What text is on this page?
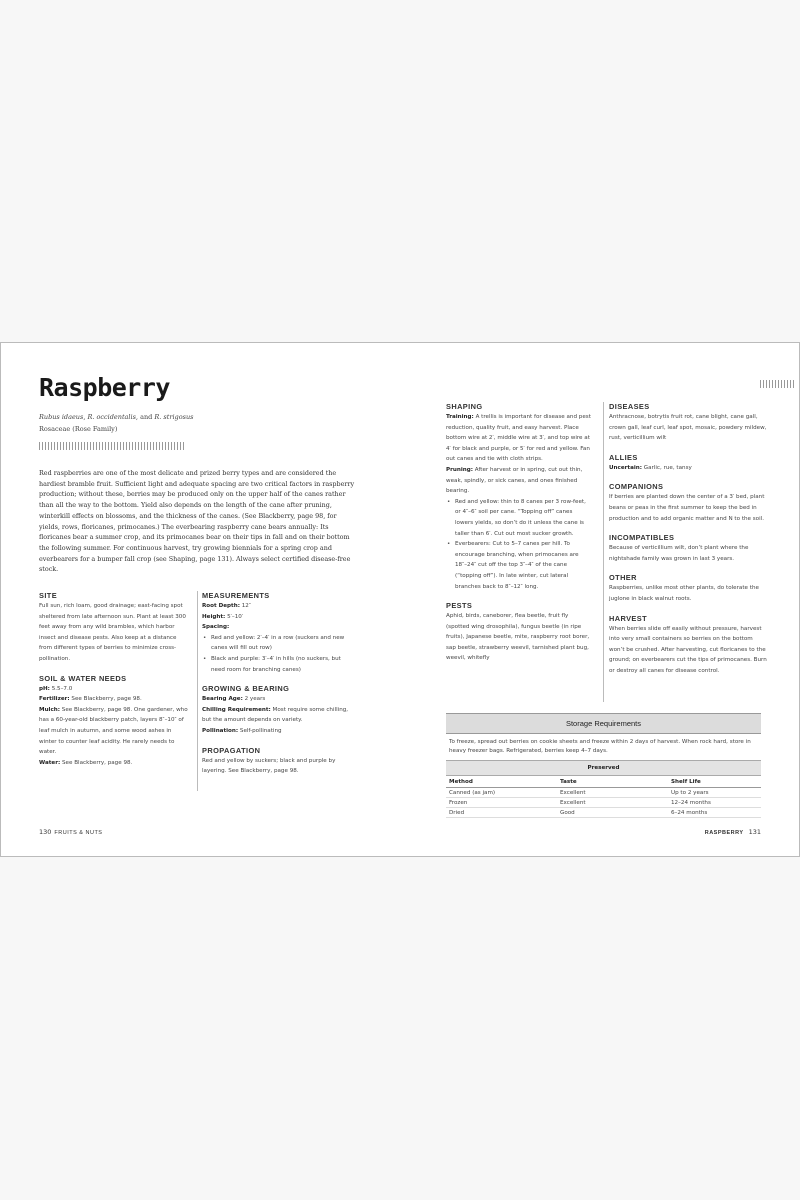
Raspberry
Rubus idaeus, R. occidentalis, and R. strigosus
Rosaceae (Rose Family)

Red raspberries are one of the most delicate and prized berry types and are considered the hardiest bramble fruit. Sufficient light and adequate spacing are two critical factors in raspberry production; without these, berries may be produced only on the upper half of the canes rather than all the way to the bottom. Yield also depends on the length of the cane after pruning, winterkill effects on blossoms, and the thickness of the canes. (See Blackberry, page 98, for yields, rows, floricanes, primocanes.) The everbearing raspberry cane bears annually: Its floricanes bear a summer crop, and its primocanes bear on their tips in fall and on their bottom the following summer. For continuous harvest, try growing biennials for a spring crop and everbearers for a bumper fall crop (see Shaping, page 131). Always select certified disease-free stock.

SITE

Full sun, rich loam, good drainage; east-facing spot sheltered from late afternoon sun. Plant at least 300 feet away from any wild brambles, which harbor insect and disease pests. Also keep at a distance from different types of berries to minimize cross-pollination.

SOIL & WATER NEEDS

pH: 5.5–7.0

Fertilizer: See Blackberry, page 98.

Mulch: See Blackberry, page 98. One gardener, who has a 60-year-old blackberry patch, layers 8″–10″ of leaf mulch in autumn, and some wood ashes in winter to counter leaf acidity. He rarely needs to water.

Water: See Blackberry, page 98.

MEASUREMENTS

Root Depth: 12″

Height: 5′–10′

Spacing:

• Red and yellow: 2′–4′ in a row (suckers and new canes will fill out row)
• Black and purple: 3′–4′ in hills (no suckers, but need room for branching canes)
GROWING & BEARING

Bearing Age: 2 years

Chilling Requirement: Most require some chilling, but the amount depends on variety.

Pollination: Self-pollinating

PROPAGATION

Red and yellow by suckers; black and purple by layering. See Blackberry, page 98.

130 FRUITS & NUTS
SHAPING

Training: A trellis is important for disease and pest reduction, quality fruit, and easy harvest. Place bottom wire at 2′, middle wire at 3′, and top wire at 4′ for black and purple, or 5′ for red and yellow. Fan out canes and tie with cloth strips.

Pruning: After harvest or in spring, cut out thin, weak, spindly, or sick canes, and ones finished bearing.

• Red and yellow: thin to 8 canes per 3 row-feet, or 4″–6″ soil per cane. “Topping off” canes lowers yields, so don’t do it unless the cane is taller than 6′. Cut out most sucker growth.
• Everbearers: Cut to 5–7 canes per hill. To encourage branching, when primocanes are 18″–24″ cut off the top 3″–4″ of the cane (“topping off”). In late winter, cut lateral branches back to 8″–12″ long.
PESTS

Aphid, birds, caneborer, flea beetle, fruit fly (spotted wing drosophila), fungus beetle (in ripe fruits), Japanese beetle, mite, raspberry root borer, sap beetle, strawberry weevil, tarnished plant bug, weevil, whitefly

DISEASES

Anthracnose, botrytis fruit rot, cane blight, cane gall, crown gall, leaf curl, leaf spot, mosaic, powdery mildew, rust, verticillium wilt

ALLIES

Uncertain: Garlic, rue, tansy

COMPANIONS

If berries are planted down the center of a 3′ bed, plant beans or peas in the first summer to keep the bed in production and to add organic matter and N to the soil.

INCOMPATIBLES

Because of verticillium wilt, don’t plant where the nightshade family was grown in last 3 years.

OTHER

Raspberries, unlike most other plants, do tolerate the juglone in black walnut roots.

HARVEST

When berries slide off easily without pressure, harvest into very small containers so berries on the bottom won’t be crushed. After harvesting, cut floricanes to the ground; on everbearers cut the tips of primocanes. Burn or destroy all canes for disease control.

Storage Requirements

To freeze, spread out berries on cookie sheets and freeze within 2 days of harvest. When rock hard, store in heavy freezer bags. Refrigerated, berries keep 4–7 days.

Preserved
Method	Taste	Shelf Life
Canned (as jam)	Excellent	Up to 2 years
Frozen	Excellent	12–24 months
Dried	Good	6–24 months
RASPBERRY 131
